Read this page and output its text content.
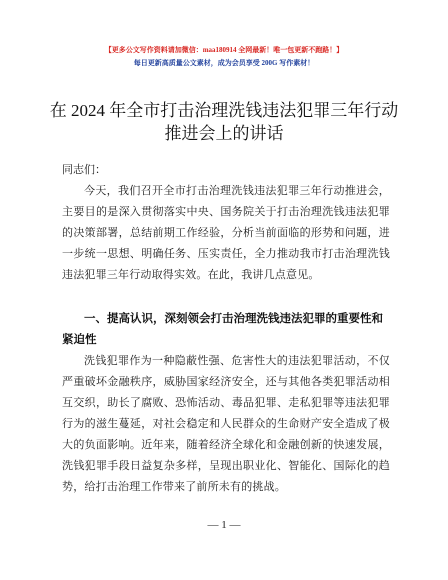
【更多公文写作资料请加微信：maa180914 全网最新！唯一包更新不跑路！】
每日更新高质量公文素材，成为会员享受 200G 写作素材！
在 2024 年全市打击治理洗钱违法犯罪三年行动
推进会上的讲话
同志们：

今天，我们召开全市打击治理洗钱违法犯罪三年行动推进会，主要目的是深入贯彻落实中央、国务院关于打击治理洗钱违法犯罪的决策部署，总结前期工作经验，分析当前面临的形势和问题，进一步统一思想、明确任务、压实责任，全力推动我市打击治理洗钱违法犯罪三年行动取得实效。在此，我讲几点意见。

一、提高认识，深刻领会打击治理洗钱违法犯罪的重要性和紧迫性

洗钱犯罪作为一种隐蔽性强、危害性大的违法犯罪活动，不仅严重破坏金融秩序，威胁国家经济安全，还与其他各类犯罪活动相互交织，助长了腐败、恐怖活动、毒品犯罪、走私犯罪等违法犯罪行为的滋生蔓延，对社会稳定和人民群众的生命财产安全造成了极大的负面影响。近年来，随着经济全球化和金融创新的快速发展，洗钱犯罪手段日益复杂多样，呈现出职业化、智能化、国际化的趋势，给打击治理工作带来了前所未有的挑战。

— 1 —
